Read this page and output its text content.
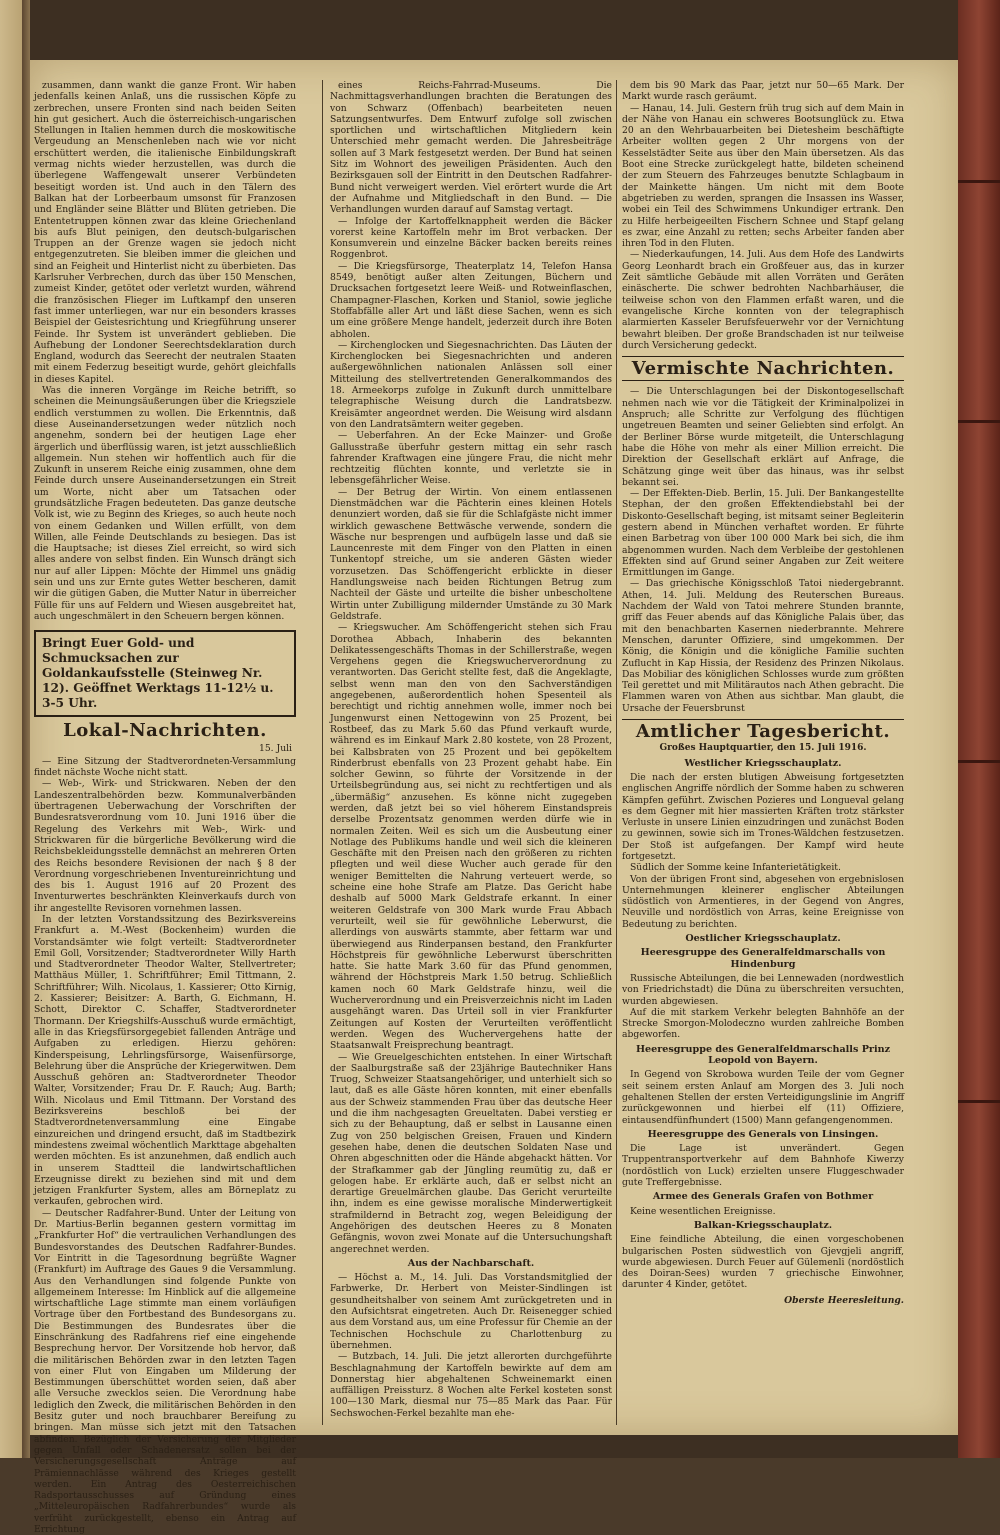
zusammen, dann wankt die ganze Front. Wir haben jedenfalls keinen Anlaß, uns die russischen Köpfe zu zerbrechen, unsere Fronten sind nach beiden Seiten hin gut gesichert. Auch die österreichisch-ungarischen Stellungen in Italien hemmen durch die moskowitische Vergeudung an Menschenleben nach wie vor nicht erschüttert werden, die italienische Einbildungskraft vermag nichts wieder herzustellen, was durch die überlegene Waffengewalt unserer Verbündeten beseitigt worden ist. Und auch in den Tälern des Balkan hat der Lorbeerbaum umsonst für Franzosen und Engländer seine Blätter und Blüten getrieben. Die Ententetruppen können zwar das kleine Griechenland bis aufs Blut peinigen, den deutsch-bulgarischen Truppen an der Grenze wagen sie jedoch nicht entgegenzutreten. Sie bleiben immer die gleichen und sind an Feigheit und Hinterlist nicht zu überbieten. Das Karlsruher Verbrechen, durch das über 150 Menschen, zumeist Kinder, getötet oder verletzt wurden, während die französischen Flieger im Luftkampf den unseren fast immer unterliegen, war nur ein besonders krasses Beispiel der Geistesrichtung und Kriegführung unserer Feinde. Ihr System ist unverändert geblieben. Die Aufhebung der Londoner Seerechtsdeklaration durch England, wodurch das Seerecht der neutralen Staaten mit einem Federzug beseitigt wurde, gehört gleichfalls in dieses Kapitel.

Was die inneren Vorgänge im Reiche betrifft, so scheinen die Meinungsäußerungen über die Kriegsziele endlich verstummen zu wollen. Die Erkenntnis, daß diese Auseinandersetzungen weder nützlich noch angenehm, sondern bei der heutigen Lage eher ärgerlich und überflüssig waren, ist jetzt ausschließlich allgemein. Nun stehen wir hoffentlich auch für die Zukunft in unserem Reiche einig zusammen, ohne dem Feinde durch unsere Auseinandersetzungen ein Streit um Worte, nicht aber um Tatsachen oder grundsätzliche Fragen bedeuteten. Das ganze deutsche Volk ist, wie zu Beginn des Krieges, so auch heute noch von einem Gedanken und Willen erfüllt, von dem Willen, alle Feinde Deutschlands zu besiegen. Das ist die Hauptsache; ist dieses Ziel erreicht, so wird sich alles andere von selbst finden. Ein Wunsch drängt sich nur auf aller Lippen: Möchte der Himmel uns gnädig sein und uns zur Ernte gutes Wetter bescheren, damit wir die gütigen Gaben, die Mutter Natur in überreicher Fülle für uns auf Feldern und Wiesen ausgebreitet hat, auch ungeschmälert in den Scheuern bergen können.

Bringt Euer Gold- und Schmucksachen zur Goldankaufsstelle (Steinweg Nr. 12). Geöffnet Werktags 11-12½ u. 3-5 Uhr.
Lokal-Nachrichten.
15. Juli

— Eine Sitzung der Stadtverordneten-Versammlung findet nächste Woche nicht statt.

— Web-, Wirk- und Strickwaren. Neben der den Landeszentralbehörden bezw. Kommunalverbänden übertragenen Ueberwachung der Vorschriften der Bundesratsverordnung vom 10. Juni 1916 über die Regelung des Verkehrs mit Web-, Wirk- und Strickwaren für die bürgerliche Bevölkerung wird die Reichsbekleidungsstelle demnächst an mehreren Orten des Reichs besondere Revisionen der nach § 8 der Verordnung vorgeschriebenen Inventureinrichtung und des bis 1. August 1916 auf 20 Prozent des Inventurwertes beschränkten Kleinverkaufs durch von ihr angestellte Revisoren vornehmen lassen.

In der letzten Vorstandssitzung des Bezirksvereins Frankfurt a. M.-West (Bockenheim) wurden die Vorstandsämter wie folgt verteilt: Stadtverordneter Emil Goll, Vorsitzender; Stadtverordneter Willy Harth und Stadtverordneter Theodor Walter, Stellvertreter; Matthäus Müller, 1. Schriftführer; Emil Tittmann, 2. Schriftführer; Wilh. Nicolaus, 1. Kassierer; Otto Kirnig, 2. Kassierer; Beisitzer: A. Barth, G. Eichmann, H. Schott, Direktor C. Schaffer, Stadtverordneter Thormann. Der Kriegshilfs-Ausschuß wurde ermächtigt, alle in das Kriegsfürsorgegebiet fallenden Anträge und Aufgaben zu erledigen. Hierzu gehören: Kinderspeisung, Lehrlingsfürsorge, Waisenfürsorge, Belehrung über die Ansprüche der Kriegerwitwen. Dem Ausschuß gehören an: Stadtverordneter Theodor Walter, Vorsitzender; Frau Dr. F. Rauch; Aug. Barth; Wilh. Nicolaus und Emil Tittmann. Der Vorstand des Bezirksvereins beschloß bei der Stadtverordnetenversammlung eine Eingabe einzureichen und dringend ersucht, daß im Stadtbezirk mindestens zweimal wöchentlich Markttage abgehalten werden möchten. Es ist anzunehmen, daß endlich auch in unserem Stadtteil die landwirtschaftlichen Erzeugnisse direkt zu beziehen sind mit und dem jetzigen Frankfurter System, alles am Börneplatz zu verkaufen, gebrochen wird.

— Deutscher Radfahrer-Bund. Unter der Leitung von Dr. Martius-Berlin begannen gestern vormittag im „Frankfurter Hof“ die vertraulichen Verhandlungen des Bundesvorstandes des Deutschen Radfahrer-Bundes. Vor Eintritt in die Tagesordnung begrüßte Wagner (Frankfurt) im Auftrage des Gaues 9 die Versammlung. Aus den Verhandlungen sind folgende Punkte von allgemeinem Interesse: Im Hinblick auf die allgemeine wirtschaftliche Lage stimmte man einem vorläufigen Vortrage über den Fortbestand des Bundesorgans zu. Die Bestimmungen des Bundesrates über die Einschränkung des Radfahrens rief eine eingehende Besprechung hervor. Der Vorsitzende hob hervor, daß die militärischen Behörden zwar in den letzten Tagen von einer Flut von Eingaben um Milderung der Bestimmungen überschüttet worden seien, daß aber alle Versuche zwecklos seien. Die Verordnung habe lediglich den Zweck, die militärischen Behörden in den Besitz guter und noch brauchbarer Bereifung zu bringen. Man müsse sich jetzt mit den Tatsachen abfinden. Bezüglich der Versicherung der Mitglieder gegen Unfall oder Schadenersatz sollen bei der Versicherungsgesellschaft Anträge auf Prämiennachlässe während des Krieges gestellt werden. Ein Antrag des Oesterreichischen Radsportausschusses auf Gründung eines „Mitteleuropäischen Radfahrerbundes“ wurde als verfrüht zurückgestellt, ebenso ein Antrag auf Errichtung

eines Reichs-Fahrrad-Museums. Die Nachmittagsverhandlungen brachten die Beratungen des von Schwarz (Offenbach) bearbeiteten neuen Satzungsentwurfes. Dem Entwurf zufolge soll zwischen sportlichen und wirtschaftlichen Mitgliedern kein Unterschied mehr gemacht werden. Die Jahresbeiträge sollen auf 3 Mark festgesetzt werden. Der Bund hat seinen Sitz im Wohnort des jeweiligen Präsidenten. Auch den Bezirksgauen soll der Eintritt in den Deutschen Radfahrer-Bund nicht verweigert werden. Viel erörtert wurde die Art der Aufnahme und Mitgliedschaft in den Bund. — Die Verhandlungen wurden darauf auf Samstag vertagt.

— Infolge der Kartoffelknappheit werden die Bäcker vorerst keine Kartoffeln mehr im Brot verbacken. Der Konsumverein und einzelne Bäcker backen bereits reines Roggenbrot.

— Die Kriegsfürsorge, Theaterplatz 14, Telefon Hansa 8549, benötigt außer alten Zeitungen, Büchern und Drucksachen fortgesetzt leere Weiß- und Rotweinflaschen, Champagner-Flaschen, Korken und Staniol, sowie jegliche Stoffabfälle aller Art und läßt diese Sachen, wenn es sich um eine größere Menge handelt, jederzeit durch ihre Boten abholen.

— Kirchenglocken und Siegesnachrichten. Das Läuten der Kirchenglocken bei Siegesnachrichten und anderen außergewöhnlichen nationalen Anlässen soll einer Mitteilung des stellvertretenden Generalkommandos des 18. Armeekorps zufolge in Zukunft durch unmittelbare telegraphische Weisung durch die Landratsbezw. Kreisämter angeordnet werden. Die Weisung wird alsdann von den Landratsämtern weiter gegeben.

— Ueberfahren. An der Ecke Mainzer- und Große Gallusstraße überfuhr gestern mittag ein sehr rasch fahrender Kraftwagen eine jüngere Frau, die nicht mehr rechtzeitig flüchten konnte, und verletzte sie in lebensgefährlicher Weise.

— Der Betrug der Wirtin. Von einem entlassenen Dienstmädchen war die Pächterin eines kleinen Hotels denunziert worden, daß sie für die Schlafgäste nicht immer wirklich gewaschene Bettwäsche verwende, sondern die Wäsche nur besprengen und aufbügeln lasse und daß sie Launcenreste mit dem Finger von den Platten in einen Tunkentopf streiche, um sie anderen Gästen wieder vorzusetzen. Das Schöffengericht erblickte in dieser Handlungsweise nach beiden Richtungen Betrug zum Nachteil der Gäste und urteilte die bisher unbescholtene Wirtin unter Zubilligung mildernder Umstände zu 30 Mark Geldstrafe.

— Kriegswucher. Am Schöffengericht stehen sich Frau Dorothea Abbach, Inhaberin des bekannten Delikatessengeschäfts Thomas in der Schillerstraße, wegen Vergehens gegen die Kriegswucherverordnung zu verantworten. Das Gericht stellte fest, daß die Angeklagte, selbst wenn man den von den Sachverständigen angegebenen, außerordentlich hohen Spesenteil als berechtigt und richtig annehmen wolle, immer noch bei Jungenwurst einen Nettogewinn von 25 Prozent, bei Rostbeef, das zu Mark 5.60 das Pfund verkauft wurde, während es im Einkauf Mark 2.80 kostete, von 28 Prozent, bei Kalbsbraten von 25 Prozent und bei gepökeltem Rinderbrust ebenfalls von 23 Prozent gehabt habe. Ein solcher Gewinn, so führte der Vorsitzende in der Urteilsbegründung aus, sei nicht zu rechtfertigen und als „übermäßig“ anzusehen. Es könne nicht zugegeben werden, daß jetzt bei so viel höherem Einstandspreis derselbe Prozentsatz genommen werden dürfe wie in normalen Zeiten. Weil es sich um die Ausbeutung einer Notlage des Publikums handle und weil sich die kleineren Geschäfte mit den Preisen nach den größeren zu richten pflegten und weil diese Wucher auch gerade für den weniger Bemittelten die Nahrung verteuert werde, so scheine eine hohe Strafe am Platze. Das Gericht habe deshalb auf 5000 Mark Geldstrafe erkannt. In einer weiteren Geldstrafe von 300 Mark wurde Frau Abbach verurteilt, weil sie für gewöhnliche Leberwurst, die allerdings von auswärts stammte, aber fettarm war und überwiegend aus Rinderpansen bestand, den Frankfurter Höchstpreis für gewöhnliche Leberwurst überschritten hatte. Sie hatte Mark 3.60 für das Pfund genommen, während der Höchstpreis Mark 1.50 betrug. Schließlich kamen noch 60 Mark Geldstrafe hinzu, weil die Wucherverordnung und ein Preisverzeichnis nicht im Laden ausgehängt waren. Das Urteil soll in vier Frankfurter Zeitungen auf Kosten der Verurteilten veröffentlicht werden. Wegen des Wuchervergehens hatte der Staatsanwalt Freisprechung beantragt.

— Wie Greuelgeschichten entstehen. In einer Wirtschaft der Saalburgstraße saß der 23jährige Bautechniker Hans Truog, Schweizer Staatsangehöriger, und unterhielt sich so laut, daß es alle Gäste hören konnten, mit einer ebenfalls aus der Schweiz stammenden Frau über das deutsche Heer und die ihm nachgesagten Greueltaten. Dabei verstieg er sich zu der Behauptung, daß er selbst in Lausanne einen Zug von 250 belgischen Greisen, Frauen und Kindern gesehen habe, denen die deutschen Soldaten Nase und Ohren abgeschnitten oder die Hände abgehackt hätten. Vor der Strafkammer gab der Jüngling reumütig zu, daß er gelogen habe. Er erklärte auch, daß er selbst nicht an derartige Greuelmärchen glaube. Das Gericht verurteilte ihn, indem es eine gewisse moralische Minderwertigkeit strafmildernd in Betracht zog, wegen Beleidigung der Angehörigen des deutschen Heeres zu 8 Monaten Gefängnis, wovon zwei Monate auf die Untersuchungshaft angerechnet werden.

Aus der Nachbarschaft.

— Höchst a. M., 14. Juli. Das Vorstandsmitglied der Farbwerke, Dr. Herbert von Meister-Sindlingen ist gesundheitshalber von seinem Amt zurückgetreten und in den Aufsichtsrat eingetreten. Auch Dr. Reisenegger schied aus dem Vorstand aus, um eine Professur für Chemie an der Technischen Hochschule zu Charlottenburg zu übernehmen.

— Butzbach, 14. Juli. Die jetzt allerorten durchgeführte Beschlagnahmung der Kartoffeln bewirkte auf dem am Donnerstag hier abgehaltenen Schweinemarkt einen auffälligen Preissturz. 8 Wochen alte Ferkel kosteten sonst 100—130 Mark, diesmal nur 75—85 Mark das Paar. Für Sechswochen-Ferkel bezahlte man ehe-

dem bis 90 Mark das Paar, jetzt nur 50—65 Mark. Der Markt wurde rasch geräumt.

— Hanau, 14. Juli. Gestern früh trug sich auf dem Main in der Nähe von Hanau ein schweres Bootsunglück zu. Etwa 20 an den Wehrbauarbeiten bei Dietesheim beschäftigte Arbeiter wollten gegen 2 Uhr morgens von der Kesselstädter Seite aus über den Main übersetzen. Als das Boot eine Strecke zurückgelegt hatte, bildeten scheinend der zum Steuern des Fahrzeuges benutzte Schlagbaum in der Mainkette hängen. Um nicht mit dem Boote abgetrieben zu werden, sprangen die Insassen ins Wasser, wobei ein Teil des Schwimmens Unkundiger ertrank. Den zu Hilfe herbeigeeilten Fischern Schnee und Stapf gelang es zwar, eine Anzahl zu retten; sechs Arbeiter fanden aber ihren Tod in den Fluten.

— Niederkaufungen, 14. Juli. Aus dem Hofe des Landwirts Georg Leonhardt brach ein Großfeuer aus, das in kurzer Zeit sämtliche Gebäude mit allen Vorräten und Geräten einäscherte. Die schwer bedrohten Nachbarhäuser, die teilweise schon von den Flammen erfaßt waren, und die evangelische Kirche konnten von der telegraphisch alarmierten Kasseler Berufsfeuerwehr vor der Vernichtung bewahrt bleiben. Der große Brandschaden ist nur teilweise durch Versicherung gedeckt.

Vermischte Nachrichten.

— Die Unterschlagungen bei der Diskontogesellschaft nehmen nach wie vor die Tätigkeit der Kriminalpolizei in Anspruch; alle Schritte zur Verfolgung des flüchtigen ungetreuen Beamten und seiner Geliebten sind erfolgt. An der Berliner Börse wurde mitgeteilt, die Unterschlagung habe die Höhe von mehr als einer Million erreicht. Die Direktion der Gesellschaft erklärt auf Anfrage, die Schätzung ginge weit über das hinaus, was ihr selbst bekannt sei.

— Der Effekten-Dieb. Berlin, 15. Juli. Der Bankangestellte Stephan, der den großen Effektendiebstahl bei der Diskonto-Gesellschaft beging, ist mitsamt seiner Begleiterin gestern abend in München verhaftet worden. Er führte einen Barbetrag von über 100 000 Mark bei sich, die ihm abgenommen wurden. Nach dem Verbleibe der gestohlenen Effekten sind auf Grund seiner Angaben zur Zeit weitere Ermittlungen im Gange.

— Das griechische Königsschloß Tatoi niedergebrannt. Athen, 14. Juli. Meldung des Reuterschen Bureaus. Nachdem der Wald von Tatoi mehrere Stunden brannte, griff das Feuer abends auf das Königliche Palais über, das mit den benachbarten Kasernen niederbrannte. Mehrere Menschen, darunter Offiziere, sind umgekommen. Der König, die Königin und die königliche Familie suchten Zuflucht in Kap Hissia, der Residenz des Prinzen Nikolaus. Das Mobiliar des königlichen Schlosses wurde zum größten Teil gerettet und mit Militärautos nach Athen gebracht. Die Flammen waren von Athen aus sichtbar. Man glaubt, die Ursache der Feuersbrunst

Amtlicher Tagesbericht.
Großes Hauptquartier, den 15. Juli 1916.
Westlicher Kriegsschauplatz.

Die nach der ersten blutigen Abweisung fortgesetzten englischen Angriffe nördlich der Somme haben zu schweren Kämpfen geführt. Zwischen Pozieres und Longueval gelang es dem Gegner mit hier massierten Kräften trotz stärkster Verluste in unsere Linien einzudringen und zunächst Boden zu gewinnen, sowie sich im Trones-Wäldchen festzusetzen. Der Stoß ist aufgefangen. Der Kampf wird heute fortgesetzt.

Südlich der Somme keine Infanterietätigkeit.

Von der übrigen Front sind, abgesehen von ergebnislosen Unternehmungen kleinerer englischer Abteilungen südöstlich von Armentieres, in der Gegend von Angres, Neuville und nordöstlich von Arras, keine Ereignisse von Bedeutung zu berichten.

Oestlicher Kriegsschauplatz.
Heeresgruppe des Generalfeldmarschalls von Hindenburg

Russische Abteilungen, die bei Lennewaden (nordwestlich von Friedrichstadt) die Düna zu überschreiten versuchten, wurden abgewiesen.

Auf die mit starkem Verkehr belegten Bahnhöfe an der Strecke Smorgon-Molodeczno wurden zahlreiche Bomben abgeworfen.

Heeresgruppe des Generalfeldmarschalls Prinz Leopold von Bayern.

In Gegend von Skrobowa wurden Teile der vom Gegner seit seinem ersten Anlauf am Morgen des 3. Juli noch gehaltenen Stellen der ersten Verteidigungslinie im Angriff zurückgewonnen und hierbei elf (11) Offiziere, eintausendfünfhundert (1500) Mann gefangengenommen.

Heeresgruppe des Generals von Linsingen.

Die Lage ist unverändert. Gegen Truppentransportverkehr auf dem Bahnhofe Kiwerzy (nordöstlich von Luck) erzielten unsere Fluggeschwader gute Treffergebnisse.

Armee des Generals Grafen von Bothmer

Keine wesentlichen Ereignisse.

Balkan-Kriegsschauplatz.

Eine feindliche Abteilung, die einen vorgeschobenen bulgarischen Posten südwestlich von Gjevgjeli angriff, wurde abgewiesen. Durch Feuer auf Gülemenli (nordöstlich des Doiran-Sees) wurden 7 griechische Einwohner, darunter 4 Kinder, getötet.

Oberste Heeresleitung.
